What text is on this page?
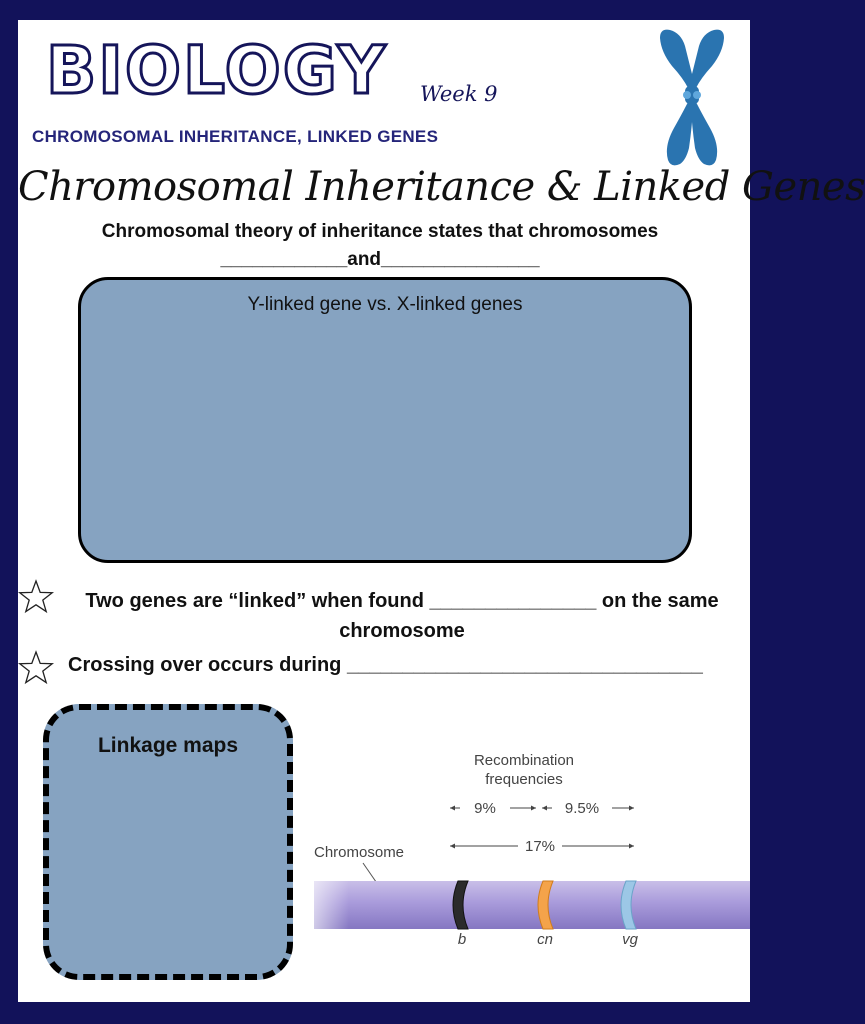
BIOLOGY Week 9
CHROMOSOMAL INHERITANCE, LINKED GENES
Chromosomal Inheritance & Linked Genes
Chromosomal theory of inheritance states that chromosomes
____________and_______________
Y-linked gene vs. X-linked genes
Two genes are “linked” when found _______________ on the same
chromosome
Crossing over occurs during ________________________________
Linkage maps
Recombination
frequencies
9%	9.5%
17%
Chromosome
b	cn	vg
